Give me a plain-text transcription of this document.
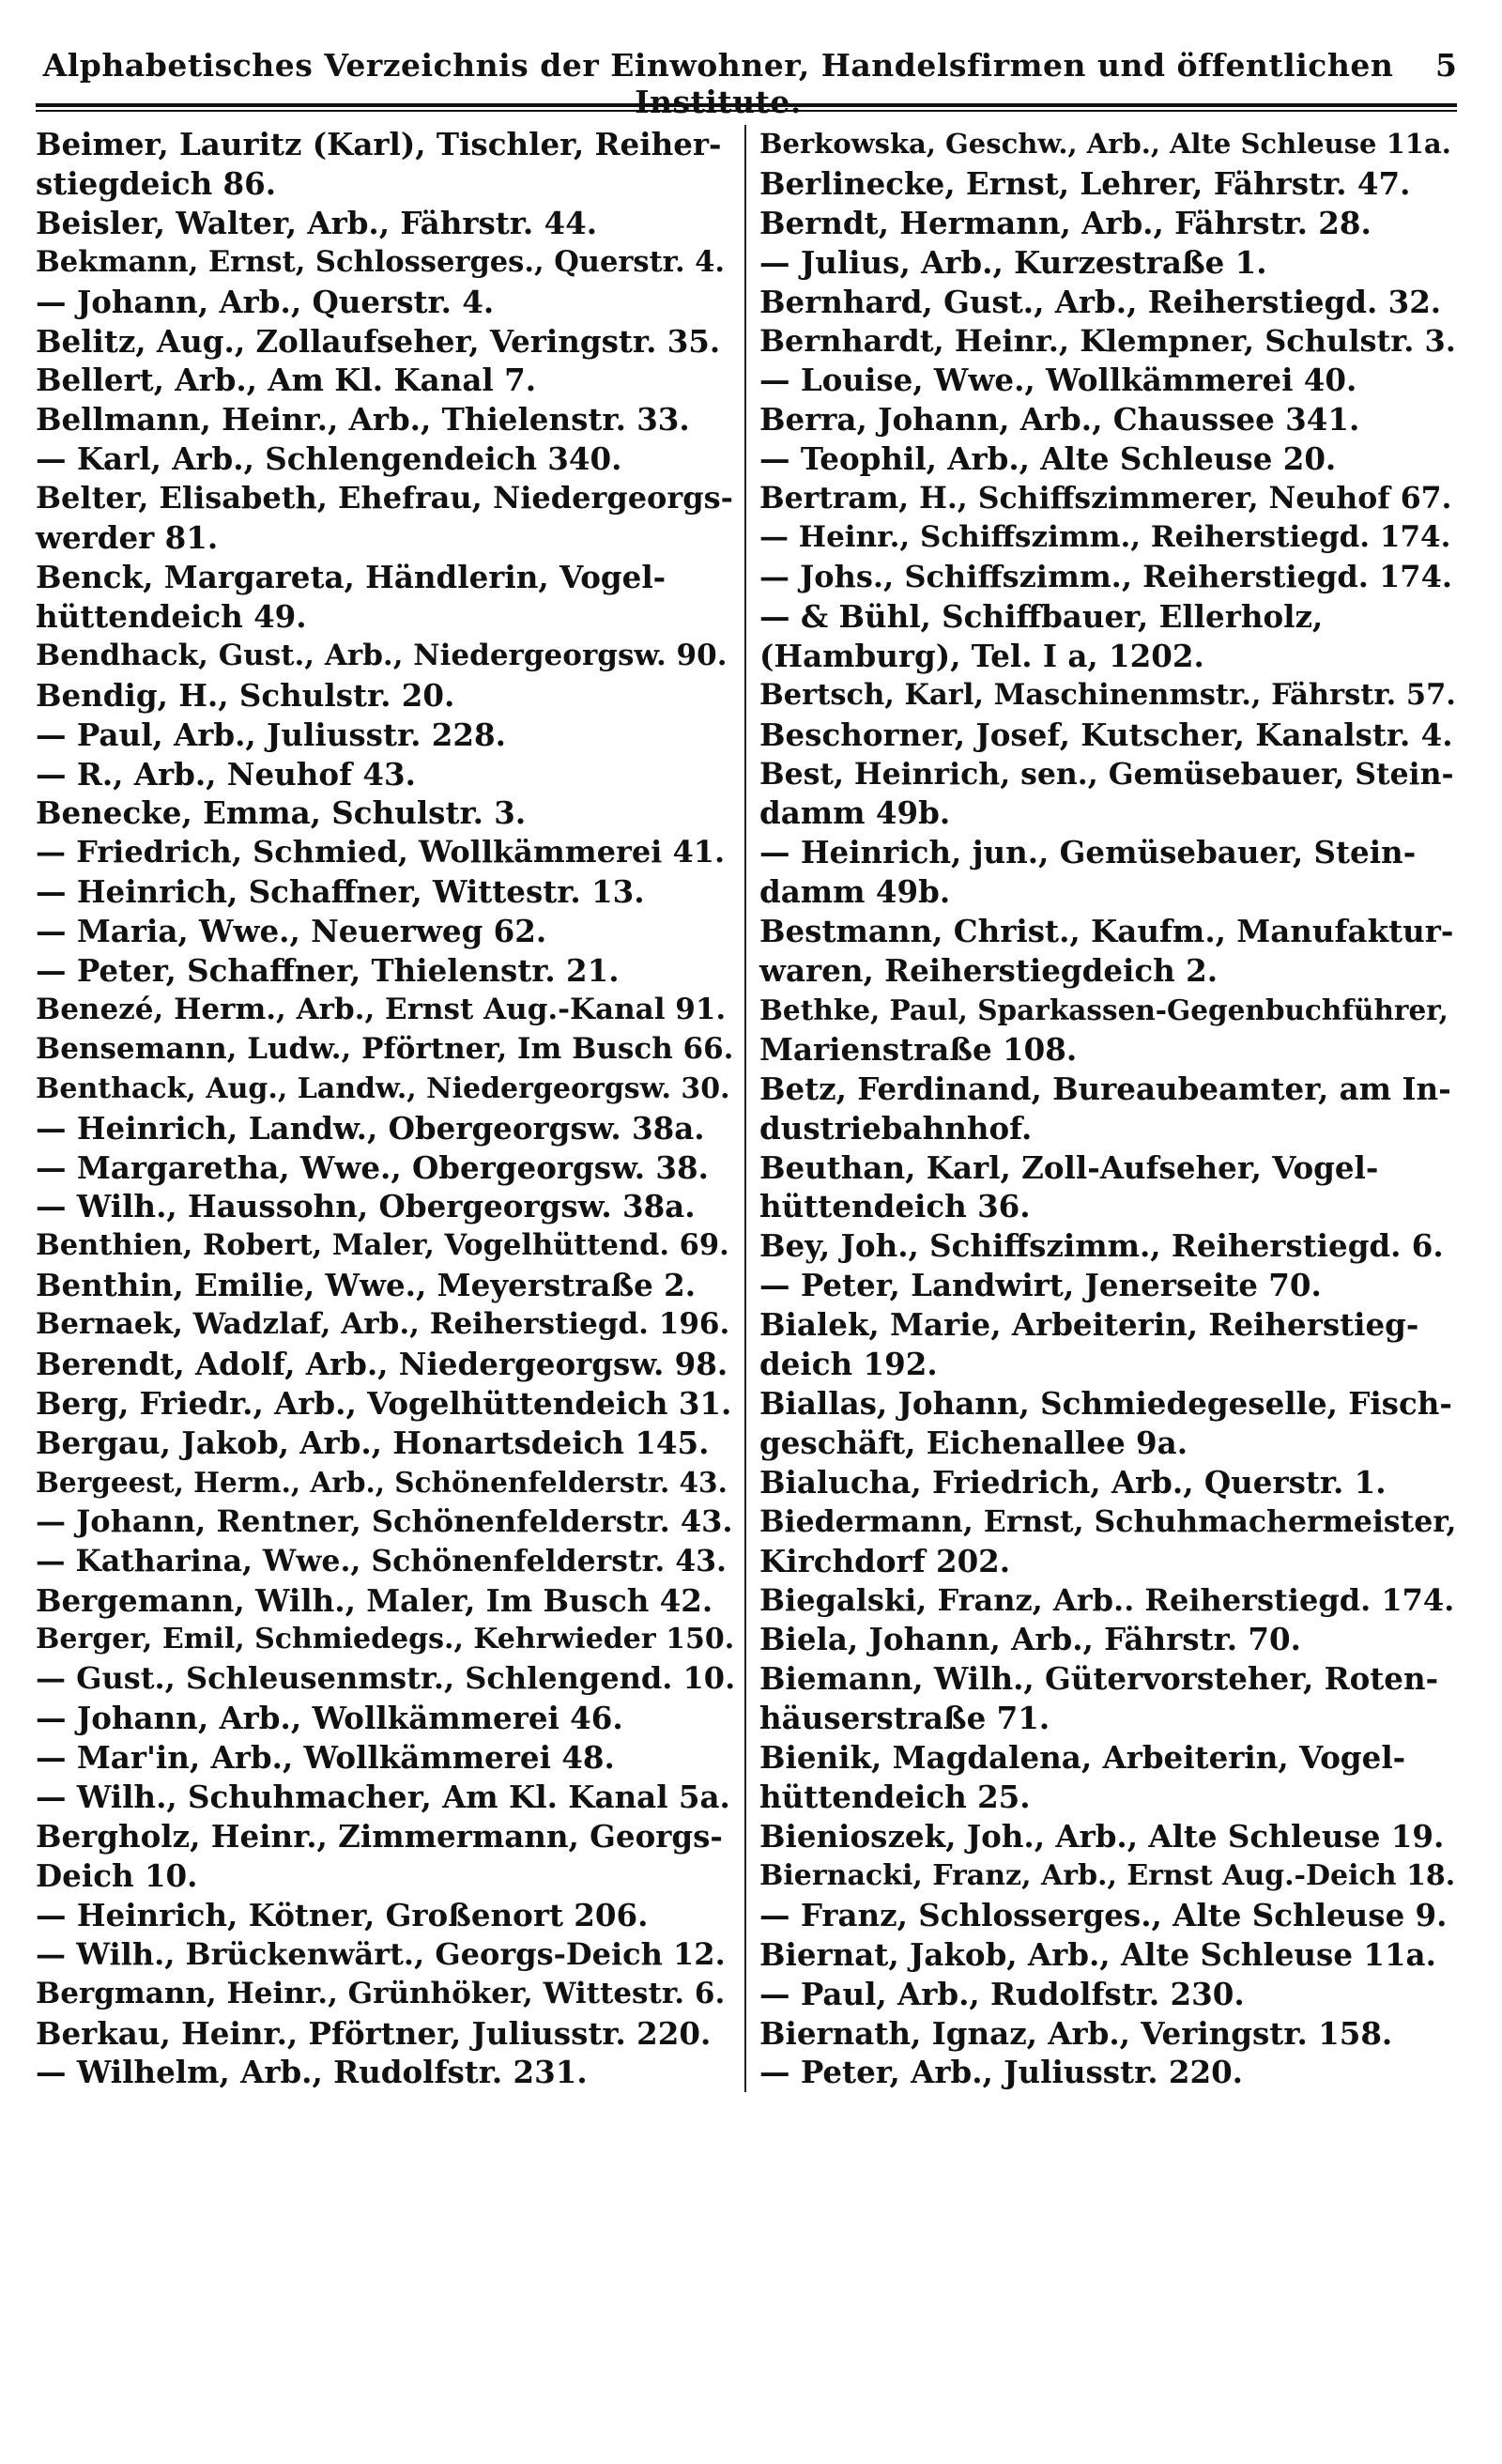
Alphabetisches Verzeichnis der Einwohner, Handelsfirmen und öffentlichen Institute.
5
Beimer, Lauritz (Karl), Tischler, Reiher-
stiegdeich 86.
Beisler, Walter, Arb., Fährstr. 44.
Bekmann, Ernst, Schlosserges., Querstr. 4.
— Johann, Arb., Querstr. 4.
Belitz, Aug., Zollaufseher, Veringstr. 35.
Bellert, Arb., Am Kl. Kanal 7.
Bellmann, Heinr., Arb., Thielenstr. 33.
— Karl, Arb., Schlengendeich 340.
Belter, Elisabeth, Ehefrau, Niedergeorgs-
werder 81.
Benck, Margareta, Händlerin, Vogel-
hüttendeich 49.
Bendhack, Gust., Arb., Niedergeorgsw. 90.
Bendig, H., Schulstr. 20.
— Paul, Arb., Juliusstr. 228.
— R., Arb., Neuhof 43.
Benecke, Emma, Schulstr. 3.
— Friedrich, Schmied, Wollkämmerei 41.
— Heinrich, Schaffner, Wittestr. 13.
— Maria, Wwe., Neuerweg 62.
— Peter, Schaffner, Thielenstr. 21.
Benezé, Herm., Arb., Ernst Aug.-Kanal 91.
Bensemann, Ludw., Pförtner, Im Busch 66.
Benthack, Aug., Landw., Niedergeorgsw. 30.
— Heinrich, Landw., Obergeorgsw. 38a.
— Margaretha, Wwe., Obergeorgsw. 38.
— Wilh., Haussohn, Obergeorgsw. 38a.
Benthien, Robert, Maler, Vogelhüttend. 69.
Benthin, Emilie, Wwe., Meyerstraße 2.
Bernaek, Wadzlaf, Arb., Reiherstiegd. 196.
Berendt, Adolf, Arb., Niedergeorgsw. 98.
Berg, Friedr., Arb., Vogelhüttendeich 31.
Bergau, Jakob, Arb., Honartsdeich 145.
Bergeest, Herm., Arb., Schönenfelderstr. 43.
— Johann, Rentner, Schönenfelderstr. 43.
— Katharina, Wwe., Schönenfelderstr. 43.
Bergemann, Wilh., Maler, Im Busch 42.
Berger, Emil, Schmiedegs., Kehrwieder 150.
— Gust., Schleusenmstr., Schlengend. 10.
— Johann, Arb., Wollkämmerei 46.
— Mar'in, Arb., Wollkämmerei 48.
— Wilh., Schuhmacher, Am Kl. Kanal 5a.
Bergholz, Heinr., Zimmermann, Georgs-
Deich 10.
— Heinrich, Kötner, Großenort 206.
— Wilh., Brückenwärt., Georgs-Deich 12.
Bergmann, Heinr., Grünhöker, Wittestr. 6.
Berkau, Heinr., Pförtner, Juliusstr. 220.
— Wilhelm, Arb., Rudolfstr. 231.
Berkowska, Geschw., Arb., Alte Schleuse 11a.
Berlinecke, Ernst, Lehrer, Fährstr. 47.
Berndt, Hermann, Arb., Fährstr. 28.
— Julius, Arb., Kurzestraße 1.
Bernhard, Gust., Arb., Reiherstiegd. 32.
Bernhardt, Heinr., Klempner, Schulstr. 3.
— Louise, Wwe., Wollkämmerei 40.
Berra, Johann, Arb., Chaussee 341.
— Teophil, Arb., Alte Schleuse 20.
Bertram, H., Schiffszimmerer, Neuhof 67.
— Heinr., Schiffszimm., Reiherstiegd. 174.
— Johs., Schiffszimm., Reiherstiegd. 174.
— & Bühl, Schiffbauer, Ellerholz,
(Hamburg), Tel. I a, 1202.
Bertsch, Karl, Maschinenmstr., Fährstr. 57.
Beschorner, Josef, Kutscher, Kanalstr. 4.
Best, Heinrich, sen., Gemüsebauer, Stein-
damm 49b.
— Heinrich, jun., Gemüsebauer, Stein-
damm 49b.
Bestmann, Christ., Kaufm., Manufaktur-
waren, Reiherstiegdeich 2.
Bethke, Paul, Sparkassen-Gegenbuchführer,
Marienstraße 108.
Betz, Ferdinand, Bureaubeamter, am In-
dustriebahnhof.
Beuthan, Karl, Zoll-Aufseher, Vogel-
hüttendeich 36.
Bey, Joh., Schiffszimm., Reiherstiegd. 6.
— Peter, Landwirt, Jenerseite 70.
Bialek, Marie, Arbeiterin, Reiherstieg-
deich 192.
Biallas, Johann, Schmiedegeselle, Fisch-
geschäft, Eichenallee 9a.
Bialucha, Friedrich, Arb., Querstr. 1.
Biedermann, Ernst, Schuhmachermeister,
Kirchdorf 202.
Biegalski, Franz, Arb.. Reiherstiegd. 174.
Biela, Johann, Arb., Fährstr. 70.
Biemann, Wilh., Gütervorsteher, Roten-
häuserstraße 71.
Bienik, Magdalena, Arbeiterin, Vogel-
hüttendeich 25.
Bienioszek, Joh., Arb., Alte Schleuse 19.
Biernacki, Franz, Arb., Ernst Aug.-Deich 18.
— Franz, Schlosserges., Alte Schleuse 9.
Biernat, Jakob, Arb., Alte Schleuse 11a.
— Paul, Arb., Rudolfstr. 230.
Biernath, Ignaz, Arb., Veringstr. 158.
— Peter, Arb., Juliusstr. 220.
